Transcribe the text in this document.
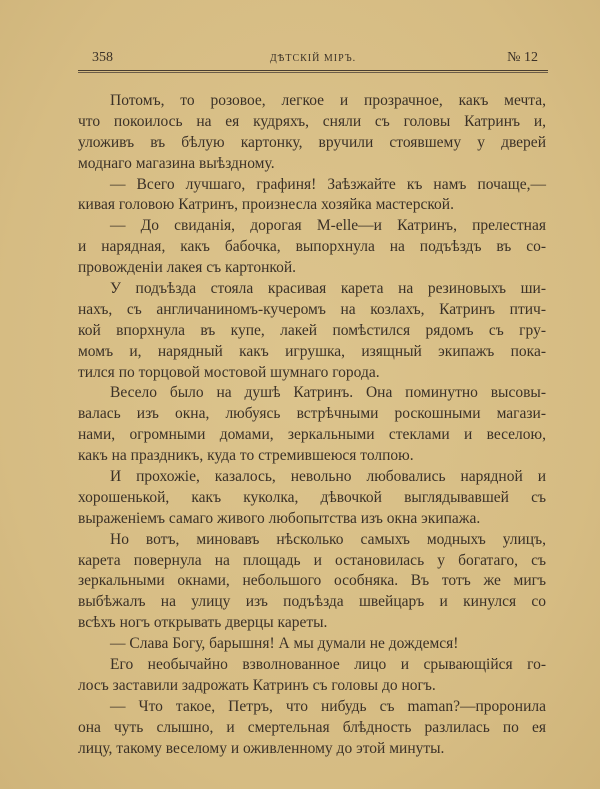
358	ДѢТСКІЙ МІРЪ.	№ 12
Потомъ, то розовое, легкое и прозрачное, какъ мечта,
что покоилось на ея кудряхъ, сняли съ головы Катринъ и,
уложивъ въ бѣлую картонку, вручили стоявшему у дверей
моднаго магазина выѣздному.
— Всего лучшаго, графиня! Заѣзжайте къ намъ почаще,—
кивая головою Катринъ, произнесла хозяйка мастерской.
— До свиданія, дорогая M-elle—и Катринъ, прелестная
и нарядная, какъ бабочка, выпорхнула на подъѣздъ въ со-
провожденіи лакея съ картонкой.
У подъѣзда стояла красивая карета на резиновыхъ ши-
нахъ, съ англичаниномъ-кучеромъ на козлахъ, Катринъ птич-
кой впорхнула въ купе, лакей помѣстился рядомъ съ гру-
момъ и, нарядный какъ игрушка, изящный экипажъ пока-
тился по торцовой мостовой шумнаго города.
Весело было на душѣ Катринъ. Она поминутно высовы-
валась изъ окна, любуясь встрѣчными роскошными магази-
нами, огромными домами, зеркальными стеклами и веселою,
какъ на праздникъ, куда то стремившеюся толпою.
И прохожіе, казалось, невольно любовались нарядной и
хорошенькой, какъ куколка, дѣвочкой выглядывавшей съ
выраженіемъ самаго живого любопытства изъ окна экипажа.
Но вотъ, миновавъ нѣсколько самыхъ модныхъ улицъ,
карета повернула на площадь и остановилась у богатаго, съ
зеркальными окнами, небольшого особняка. Въ тотъ же мигъ
выбѣжалъ на улицу изъ подъѣзда швейцаръ и кинулся со
всѣхъ ногъ открывать дверцы кареты.
— Слава Богу, барышня! А мы думали не дождемся!
Его необычайно взволнованное лицо и срывающійся го-
лосъ заставили задрожать Катринъ съ головы до ногъ.
— Что такое, Петръ, что нибудь съ maman?—проронила
она чуть слышно, и смертельная блѣдность разлилась по ея
лицу, такому веселому и оживленному до этой минуты.
